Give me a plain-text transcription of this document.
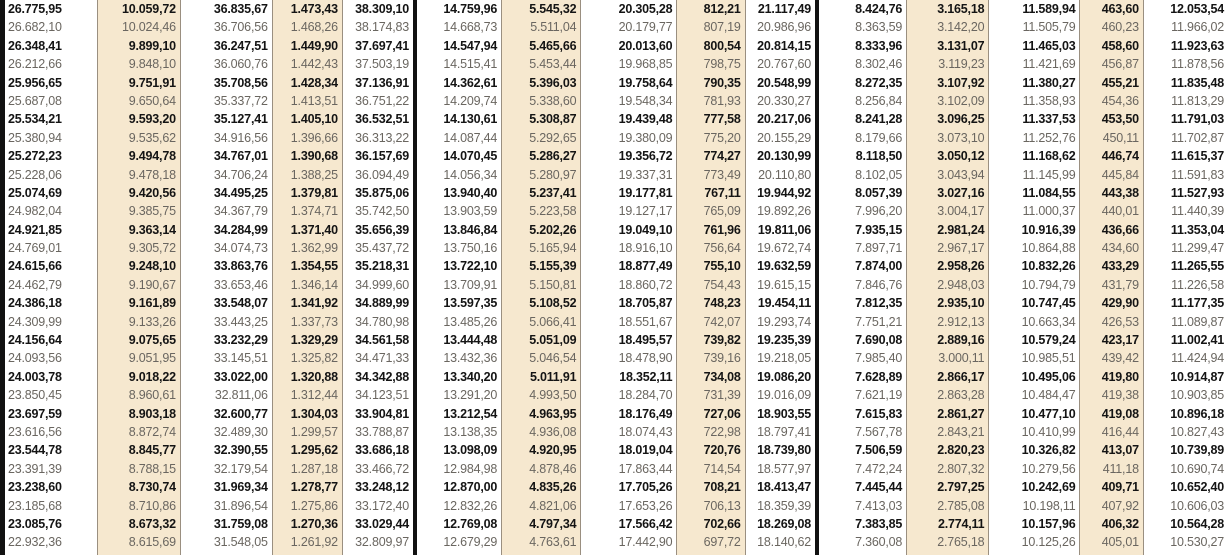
26.775,95
26.682,10
26.348,41
26.212,66
25.956,65
25.687,08
25.534,21
25.380,94
25.272,23
25.228,06
25.074,69
24.982,04
24.921,85
24.769,01
24.615,66
24.462,79
24.386,18
24.309,99
24.156,64
24.093,56
24.003,78
23.850,45
23.697,59
23.616,56
23.544,78
23.391,39
23.238,60
23.185,68
23.085,76
22.932,36
10.059,72
10.024,46
9.899,10
9.848,10
9.751,91
9.650,64
9.593,20
9.535,62
9.494,78
9.478,18
9.420,56
9.385,75
9.363,14
9.305,72
9.248,10
9.190,67
9.161,89
9.133,26
9.075,65
9.051,95
9.018,22
8.960,61
8.903,18
8.872,74
8.845,77
8.788,15
8.730,74
8.710,86
8.673,32
8.615,69
36.835,67
36.706,56
36.247,51
36.060,76
35.708,56
35.337,72
35.127,41
34.916,56
34.767,01
34.706,24
34.495,25
34.367,79
34.284,99
34.074,73
33.863,76
33.653,46
33.548,07
33.443,25
33.232,29
33.145,51
33.022,00
32.811,06
32.600,77
32.489,30
32.390,55
32.179,54
31.969,34
31.896,54
31.759,08
31.548,05
1.473,43
1.468,26
1.449,90
1.442,43
1.428,34
1.413,51
1.405,10
1.396,66
1.390,68
1.388,25
1.379,81
1.374,71
1.371,40
1.362,99
1.354,55
1.346,14
1.341,92
1.337,73
1.329,29
1.325,82
1.320,88
1.312,44
1.304,03
1.299,57
1.295,62
1.287,18
1.278,77
1.275,86
1.270,36
1.261,92
38.309,10
38.174,83
37.697,41
37.503,19
37.136,91
36.751,22
36.532,51
36.313,22
36.157,69
36.094,49
35.875,06
35.742,50
35.656,39
35.437,72
35.218,31
34.999,60
34.889,99
34.780,98
34.561,58
34.471,33
34.342,88
34.123,51
33.904,81
33.788,87
33.686,18
33.466,72
33.248,12
33.172,40
33.029,44
32.809,97
14.759,96
14.668,73
14.547,94
14.515,41
14.362,61
14.209,74
14.130,61
14.087,44
14.070,45
14.056,34
13.940,40
13.903,59
13.846,84
13.750,16
13.722,10
13.709,91
13.597,35
13.485,26
13.444,48
13.432,36
13.340,20
13.291,20
13.212,54
13.138,35
13.098,09
12.984,98
12.870,00
12.832,26
12.769,08
12.679,29
5.545,32
5.511,04
5.465,66
5.453,44
5.396,03
5.338,60
5.308,87
5.292,65
5.286,27
5.280,97
5.237,41
5.223,58
5.202,26
5.165,94
5.155,39
5.150,81
5.108,52
5.066,41
5.051,09
5.046,54
5.011,91
4.993,50
4.963,95
4.936,08
4.920,95
4.878,46
4.835,26
4.821,06
4.797,34
4.763,61
20.305,28
20.179,77
20.013,60
19.968,85
19.758,64
19.548,34
19.439,48
19.380,09
19.356,72
19.337,31
19.177,81
19.127,17
19.049,10
18.916,10
18.877,49
18.860,72
18.705,87
18.551,67
18.495,57
18.478,90
18.352,11
18.284,70
18.176,49
18.074,43
18.019,04
17.863,44
17.705,26
17.653,26
17.566,42
17.442,90
812,21
807,19
800,54
798,75
790,35
781,93
777,58
775,20
774,27
773,49
767,11
765,09
761,96
756,64
755,10
754,43
748,23
742,07
739,82
739,16
734,08
731,39
727,06
722,98
720,76
714,54
708,21
706,13
702,66
697,72
21.117,49
20.986,96
20.814,15
20.767,60
20.548,99
20.330,27
20.217,06
20.155,29
20.130,99
20.110,80
19.944,92
19.892,26
19.811,06
19.672,74
19.632,59
19.615,15
19.454,11
19.293,74
19.235,39
19.218,05
19.086,20
19.016,09
18.903,55
18.797,41
18.739,80
18.577,97
18.413,47
18.359,39
18.269,08
18.140,62
8.424,76
8.363,59
8.333,96
8.302,46
8.272,35
8.256,84
8.241,28
8.179,66
8.118,50
8.102,05
8.057,39
7.996,20
7.935,15
7.897,71
7.874,00
7.846,76
7.812,35
7.751,21
7.690,08
7.985,40
7.628,89
7.621,19
7.615,83
7.567,78
7.506,59
7.472,24
7.445,44
7.413,03
7.383,85
7.360,08
3.165,18
3.142,20
3.131,07
3.119,23
3.107,92
3.102,09
3.096,25
3.073,10
3.050,12
3.043,94
3.027,16
3.004,17
2.981,24
2.967,17
2.958,26
2.948,03
2.935,10
2.912,13
2.889,16
3.000,11
2.866,17
2.863,28
2.861,27
2.843,21
2.820,23
2.807,32
2.797,25
2.785,08
2.774,11
2.765,18
11.589,94
11.505,79
11.465,03
11.421,69
11.380,27
11.358,93
11.337,53
11.252,76
11.168,62
11.145,99
11.084,55
11.000,37
10.916,39
10.864,88
10.832,26
10.794,79
10.747,45
10.663,34
10.579,24
10.985,51
10.495,06
10.484,47
10.477,10
10.410,99
10.326,82
10.279,56
10.242,69
10.198,11
10.157,96
10.125,26
463,60
460,23
458,60
456,87
455,21
454,36
453,50
450,11
446,74
445,84
443,38
440,01
436,66
434,60
433,29
431,79
429,90
426,53
423,17
439,42
419,80
419,38
419,08
416,44
413,07
411,18
409,71
407,92
406,32
405,01
12.053,54
11.966,02
11.923,63
11.878,56
11.835,48
11.813,29
11.791,03
11.702,87
11.615,37
11.591,83
11.527,93
11.440,39
11.353,04
11.299,47
11.265,55
11.226,58
11.177,35
11.089,87
11.002,41
11.424,94
10.914,87
10.903,85
10.896,18
10.827,43
10.739,89
10.690,74
10.652,40
10.606,03
10.564,28
10.530,27
